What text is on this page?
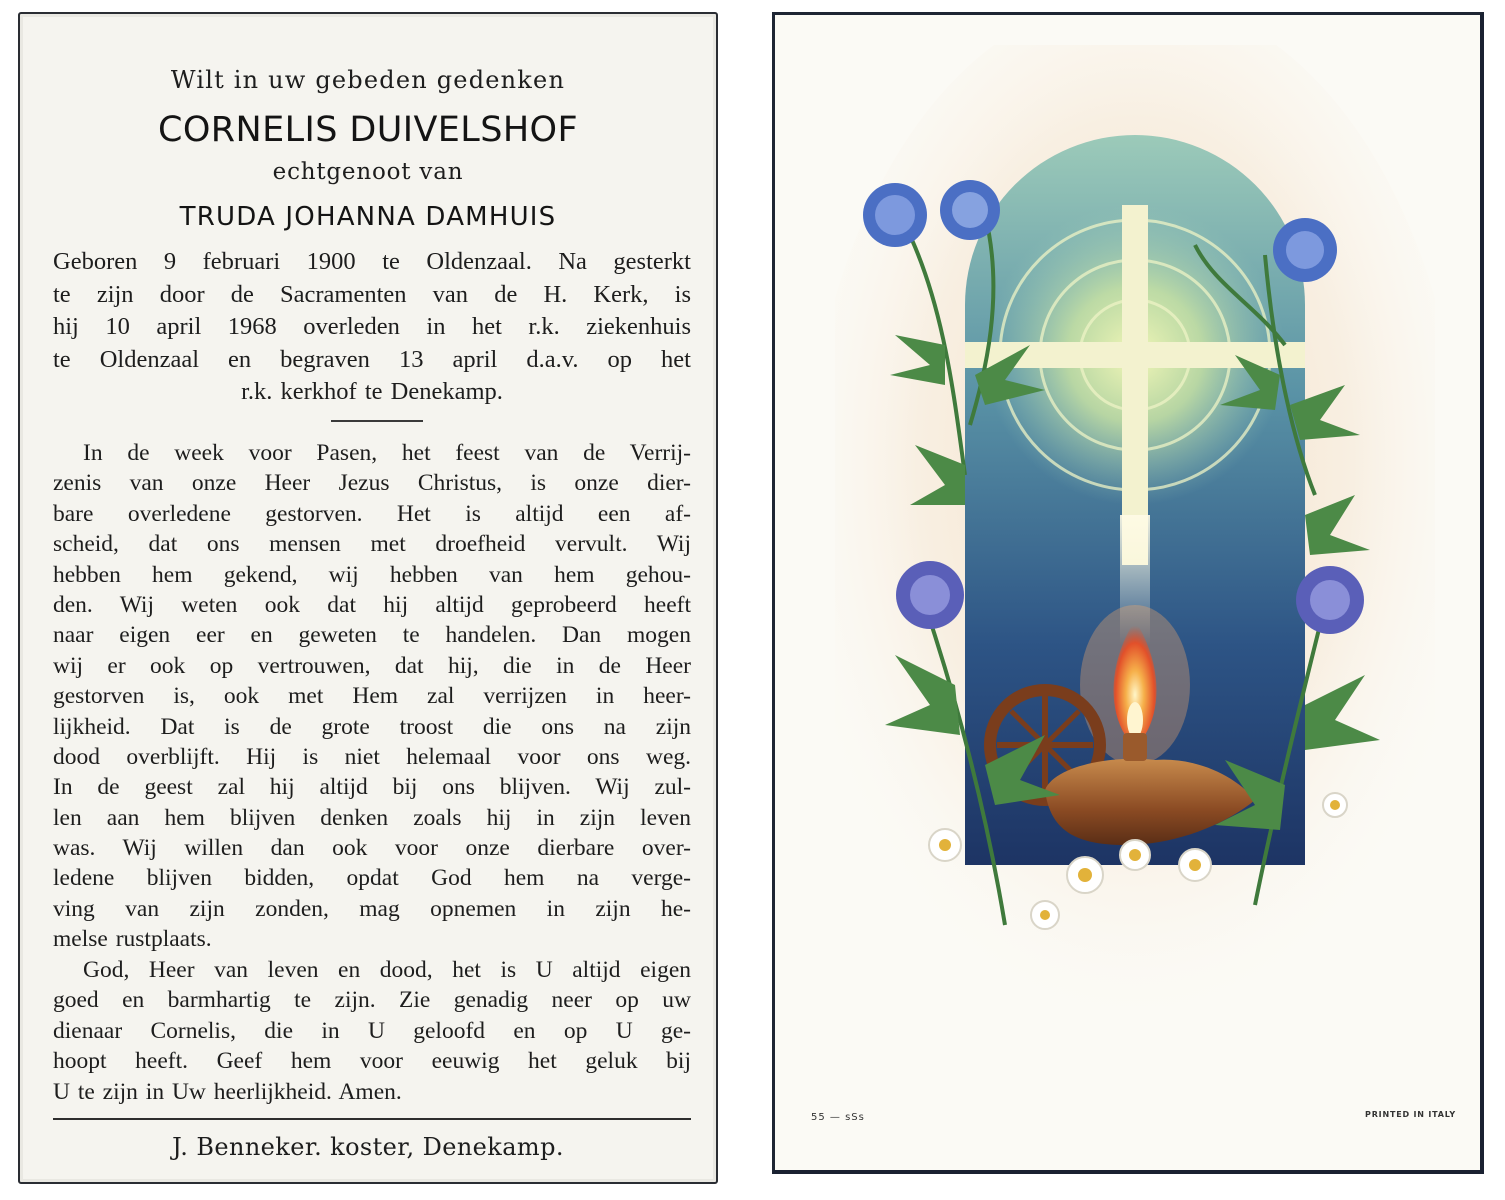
Wilt in uw gebeden gedenken
CORNELIS DUIVELSHOF
echtgenoot van
TRUDA JOHANNA DAMHUIS
Geboren 9 februari 1900 te Oldenzaal. Na gesterkt
te zijn door de Sacramenten van de H. Kerk, is
hij 10 april 1968 overleden in het r.k. ziekenhuis
te Oldenzaal en begraven 13 april d.a.v. op het
r.k. kerkhof te Denekamp.
In de week voor Pasen, het feest van de Verrij-
zenis van onze Heer Jezus Christus, is onze dier-
bare overledene gestorven. Het is altijd een af-
scheid, dat ons mensen met droefheid vervult. Wij
hebben hem gekend, wij hebben van hem gehou-
den. Wij weten ook dat hij altijd geprobeerd heeft
naar eigen eer en geweten te handelen. Dan mogen
wij er ook op vertrouwen, dat hij, die in de Heer
gestorven is, ook met Hem zal verrijzen in heer-
lijkheid. Dat is de grote troost die ons na zijn
dood overblijft. Hij is niet helemaal voor ons weg.
In de geest zal hij altijd bij ons blijven. Wij zul-
len aan hem blijven denken zoals hij in zijn leven
was. Wij willen dan ook voor onze dierbare over-
ledene blijven bidden, opdat God hem na verge-
ving van zijn zonden, mag opnemen in zijn he-
melse rustplaats.
God, Heer van leven en dood, het is U altijd eigen
goed en barmhartig te zijn. Zie genadig neer op uw
dienaar Cornelis, die in U geloofd en op U ge-
hoopt heeft. Geef hem voor eeuwig het geluk bij
U te zijn in Uw heerlijkheid. Amen.
J. Benneker. koster, Denekamp.
55 — sSs	PRINTED IN ITALY
